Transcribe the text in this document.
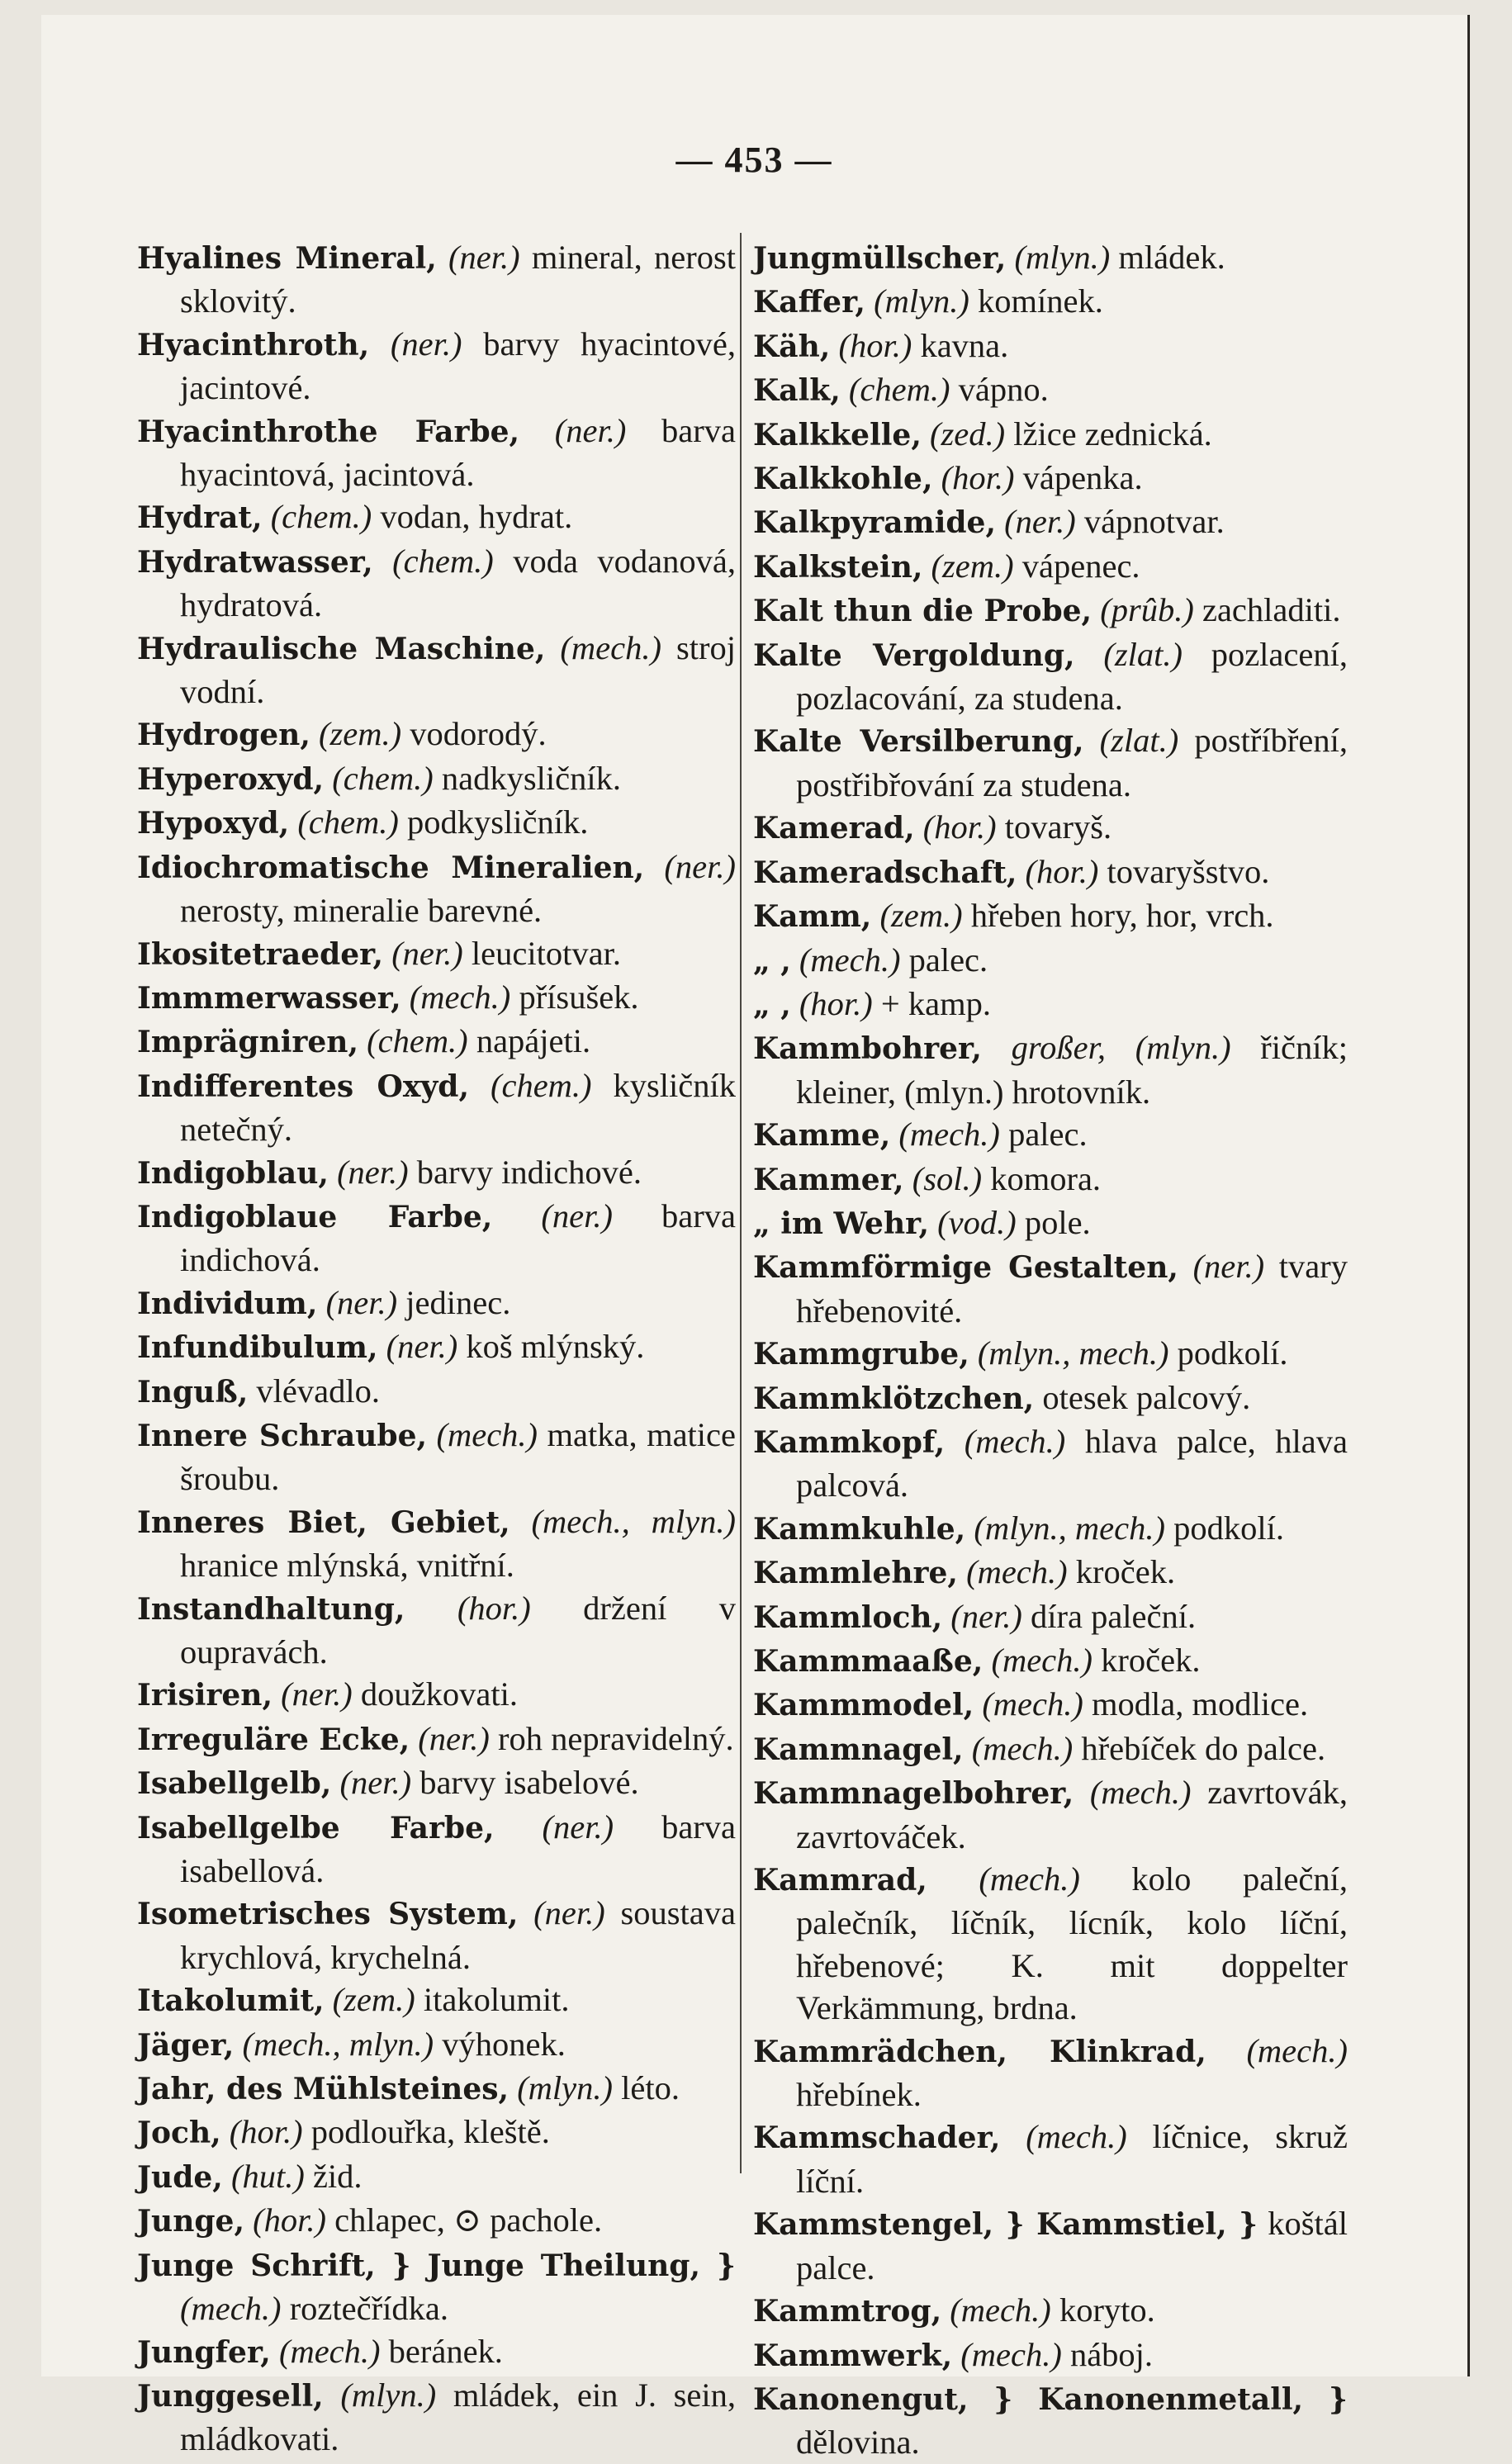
— 453 —

Hyalines Mineral, (ner.) mineral, nerost sklovitý.

Hyacinthroth, (ner.) barvy hyacintové, jacintové.

Hyacinthrothe Farbe, (ner.) barva hyacintová, jacintová.

Hydrat, (chem.) vodan, hydrat.

Hydratwasser, (chem.) voda vodanová, hydratová.

Hydraulische Maschine, (mech.) stroj vodní.

Hydrogen, (zem.) vodorodý.

Hyperoxyd, (chem.) nadkysličník.

Hypoxyd, (chem.) podkysličník.

Idiochromatische Mineralien, (ner.) nerosty, mineralie barevné.

Ikositetraeder, (ner.) leucitotvar.

Immmerwasser, (mech.) přísušek.

Imprägniren, (chem.) napájeti.

Indifferentes Oxyd, (chem.) kysličník netečný.

Indigoblau, (ner.) barvy indichové.

Indigoblaue Farbe, (ner.) barva indichová.

Individum, (ner.) jedinec.

Infundibulum, (ner.) koš mlýnský.

Inguß, vlévadlo.

Innere Schraube, (mech.) matka, matice šroubu.

Inneres Biet, Gebiet, (mech., mlyn.) hranice mlýnská, vnitřní.

Instandhaltung, (hor.) držení v oupravách.

Irisiren, (ner.) doužkovati.

Irreguläre Ecke, (ner.) roh nepravidelný.

Isabellgelb, (ner.) barvy isabelové.

Isabellgelbe Farbe, (ner.) barva isabellová.

Isometrisches System, (ner.) soustava krychlová, krychelná.

Itakolumit, (zem.) itakolumit.

Jäger, (mech., mlyn.) výhonek.

Jahr, des Mühlsteines, (mlyn.) léto.

Joch, (hor.) podlouřka, kleště.

Jude, (hut.) žid.

Junge, (hor.) chlapec, ⊙ pachole.

Junge Schrift, } Junge Theilung, } (mech.) roztečřídka.

Jungfer, (mech.) beránek.

Junggesell, (mlyn.) mládek, ein J. sein, mládkovati.

Jungmüllscher, (mlyn.) mládek.

Kaffer, (mlyn.) komínek.

Käh, (hor.) kavna.

Kalk, (chem.) vápno.

Kalkkelle, (zed.) lžice zednická.

Kalkkohle, (hor.) vápenka.

Kalkpyramide, (ner.) vápnotvar.

Kalkstein, (zem.) vápenec.

Kalt thun die Probe, (prûb.) zachladiti.

Kalte Vergoldung, (zlat.) pozlacení, pozlacování, za studena.

Kalte Versilberung, (zlat.) postříbření, postřibřování za studena.

Kamerad, (hor.) tovaryš.

Kameradschaft, (hor.) tovaryšstvo.

Kamm, (zem.) hřeben hory, hor, vrch.

„ , (mech.) palec.

„ , (hor.) + kamp.

Kammbohrer, großer, (mlyn.) řičník; kleiner, (mlyn.) hrotovník.

Kamme, (mech.) palec.

Kammer, (sol.) komora.

„ im Wehr, (vod.) pole.

Kammförmige Gestalten, (ner.) tvary hřebenovité.

Kammgrube, (mlyn., mech.) podkolí.

Kammklötzchen, otesek palcový.

Kammkopf, (mech.) hlava palce, hlava palcová.

Kammkuhle, (mlyn., mech.) podkolí.

Kammlehre, (mech.) kroček.

Kammloch, (ner.) díra paleční.

Kammmaaße, (mech.) kroček.

Kammmodel, (mech.) modla, modlice.

Kammnagel, (mech.) hřebíček do palce.

Kammnagelbohrer, (mech.) zavrtovák, zavrtováček.

Kammrad, (mech.) kolo paleční, palečník, líčník, lícník, kolo líční, hřebenové; K. mit doppelter Verkämmung, brdna.

Kammrädchen, Klinkrad, (mech.) hřebínek.

Kammschader, (mech.) líčnice, skruž líční.

Kammstengel, } Kammstiel, } koštál palce.

Kammtrog, (mech.) koryto.

Kammwerk, (mech.) náboj.

Kanonengut, } Kanonenmetall, } dělovina.
